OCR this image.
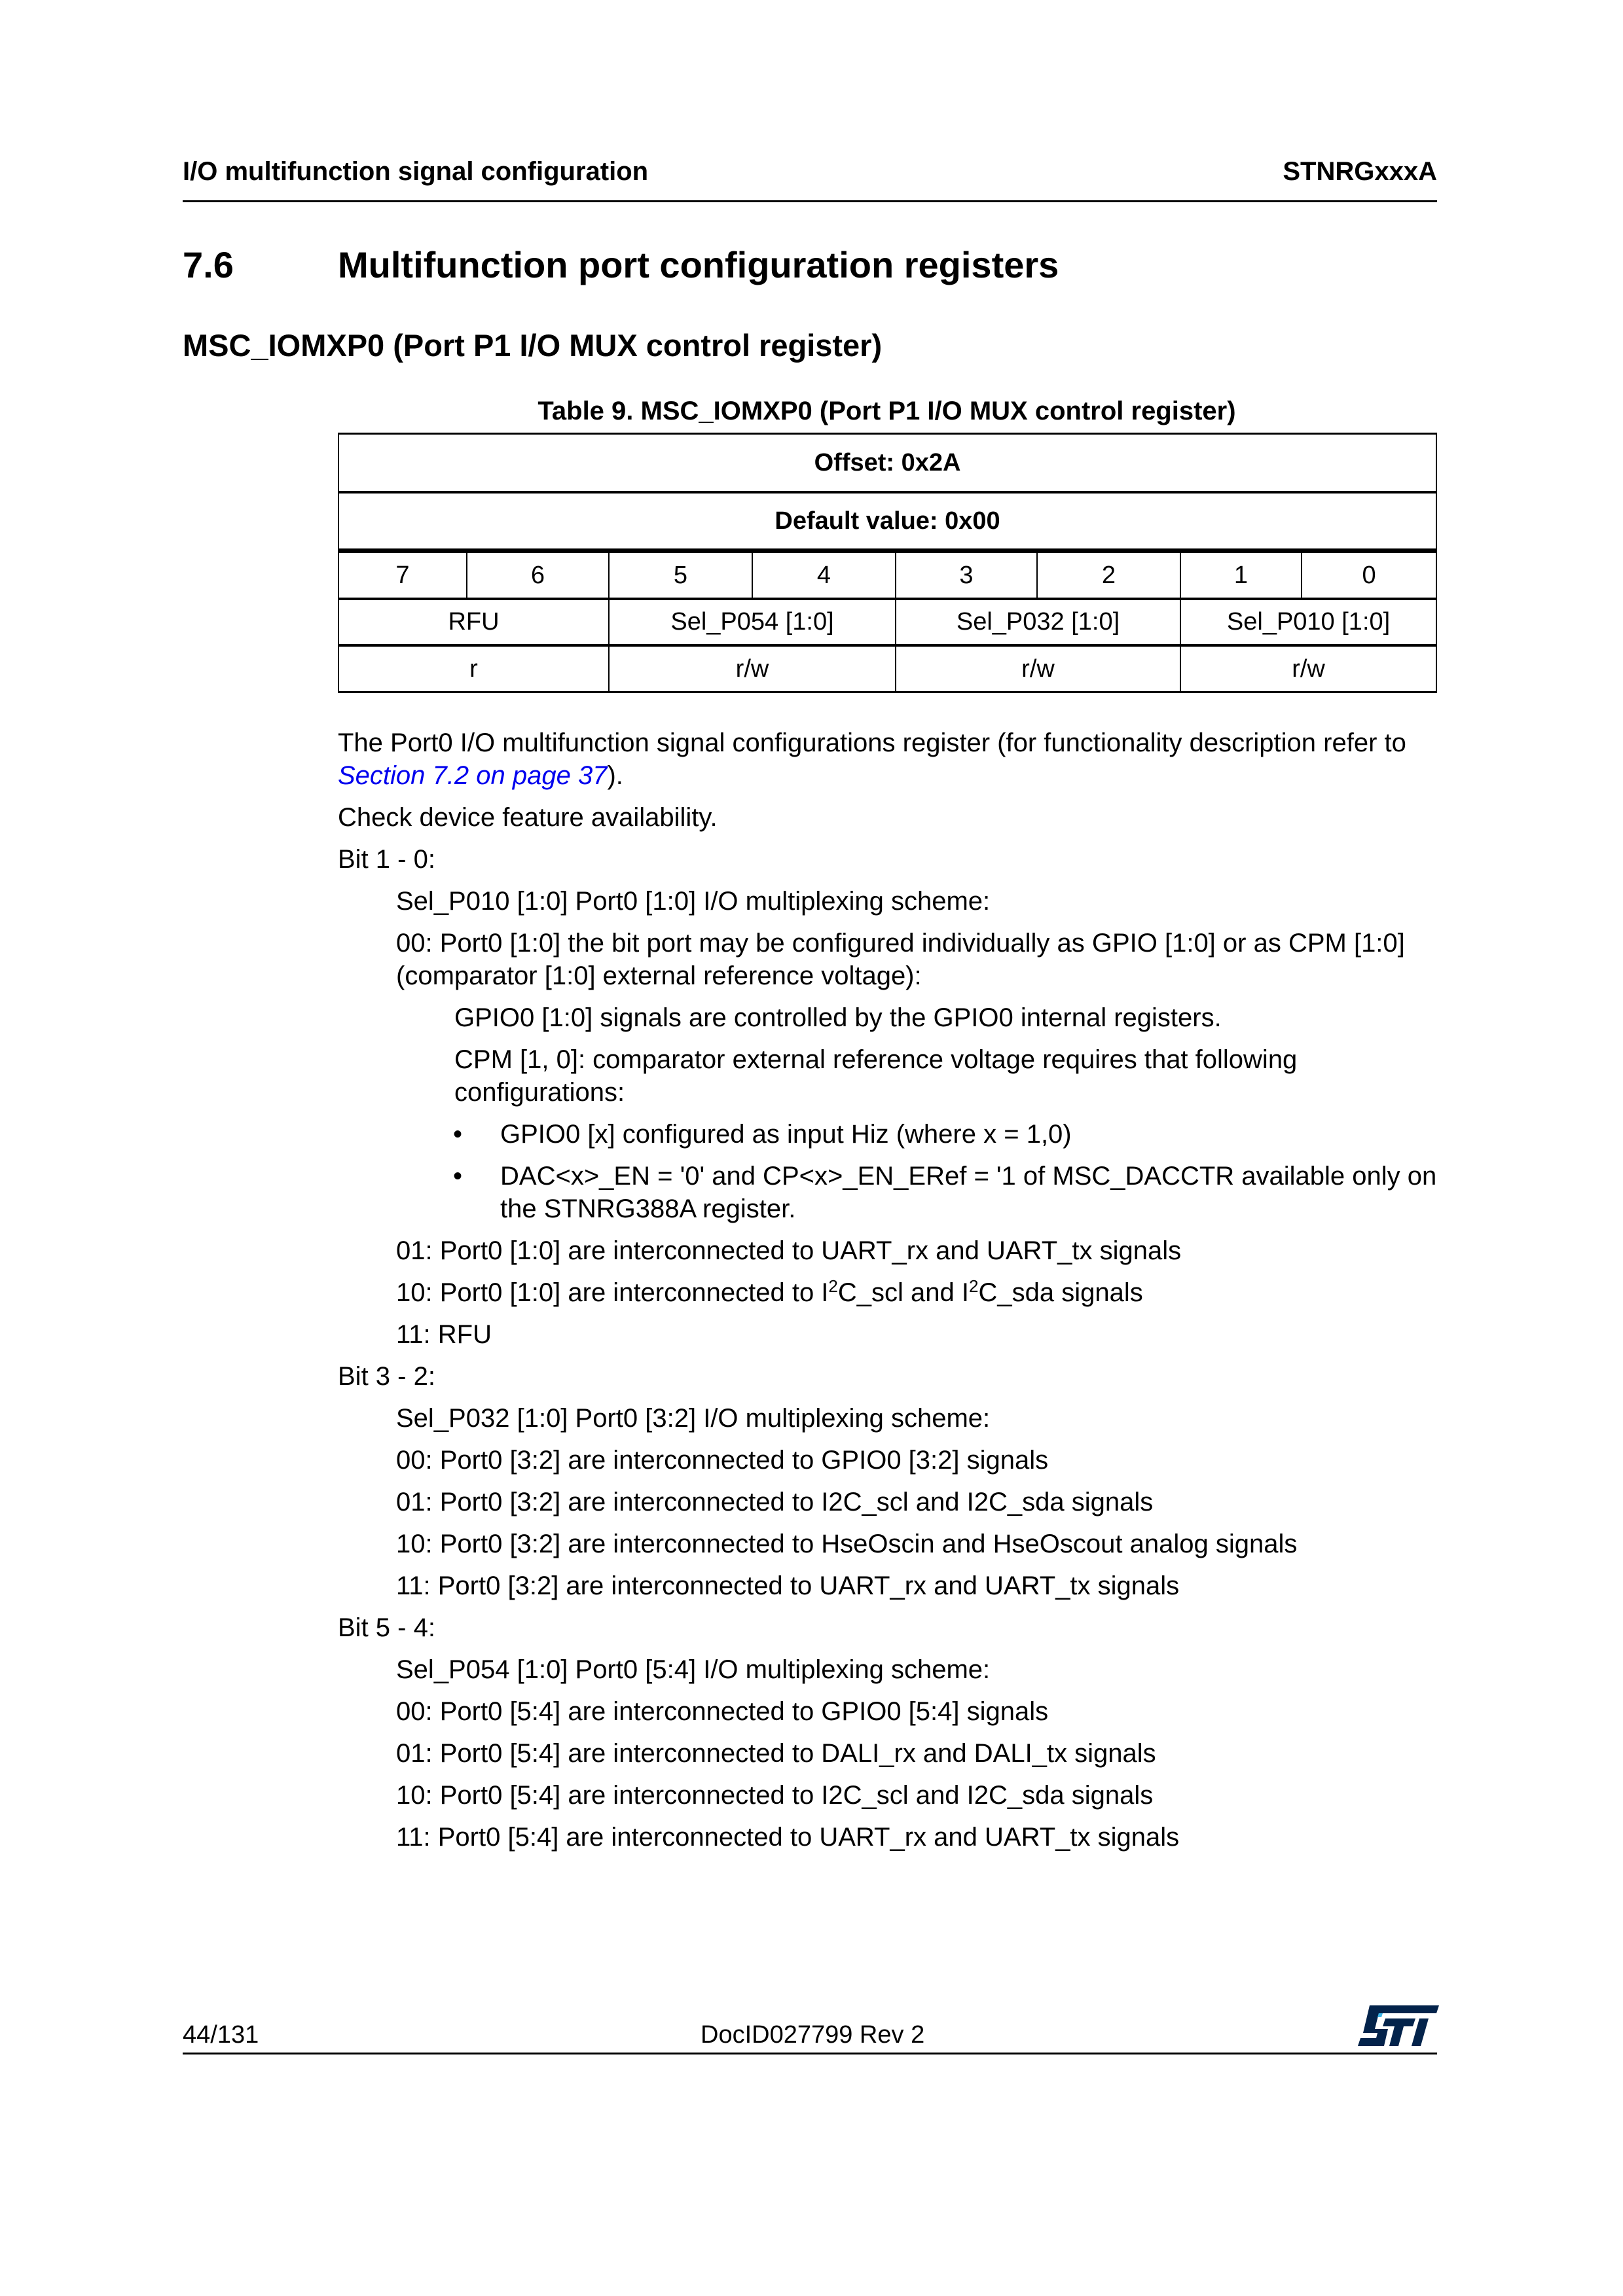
I/O multifunction signal configuration	STNRGxxxA
7.6	Multifunction port configuration registers
MSC_IOMXP0 (Port P1 I/O MUX control register)
Table 9. MSC_IOMXP0 (Port P1 I/O MUX control register)
Offset: 0x2A							
Default value: 0x00							
7	6	5	4	3	2	1	0
RFU		Sel_P054 [1:0]		Sel_P032 [1:0]		Sel_P010 [1:0]	
r		r/w		r/w		r/w	

The Port0 I/O multifunction signal configurations register (for functionality description refer to Section 7.2 on page 37).

Check device feature availability.

Bit 1 - 0:

Sel_P010 [1:0] Port0 [1:0] I/O multiplexing scheme:

00: Port0 [1:0] the bit port may be configured individually as GPIO [1:0] or as CPM [1:0] (comparator [1:0] external reference voltage):

GPIO0 [1:0] signals are controlled by the GPIO0 internal registers.

CPM [1, 0]: comparator external reference voltage requires that following configurations:

• GPIO0 [x] configured as input Hiz (where x = 1,0)

• DAC<x>_EN = '0' and CP<x>_EN_ERef = '1 of MSC_DACCTR available only on the STNRG388A register.

01: Port0 [1:0] are interconnected to UART_rx and UART_tx signals

10: Port0 [1:0] are interconnected to $I^2C\_scl$ and $I^2C\_sda$ signals

11: RFU

Bit 3 - 2:

Sel_P032 [1:0] Port0 [3:2] I/O multiplexing scheme:

00: Port0 [3:2] are interconnected to GPIO0 [3:2] signals

01: Port0 [3:2] are interconnected to I2C_scl and I2C_sda signals

10: Port0 [3:2] are interconnected to HseOscin and HseOscout analog signals

11: Port0 [3:2] are interconnected to UART_rx and UART_tx signals

Bit 5 - 4:

Sel_P054 [1:0] Port0 [5:4] I/O multiplexing scheme:

00: Port0 [5:4] are interconnected to GPIO0 [5:4] signals

01: Port0 [5:4] are interconnected to DALI_rx and DALI_tx signals

10: Port0 [5:4] are interconnected to I2C_scl and I2C_sda signals

11: Port0 [5:4] are interconnected to UART_rx and UART_tx signals

44/131	DocID027799 Rev 2
